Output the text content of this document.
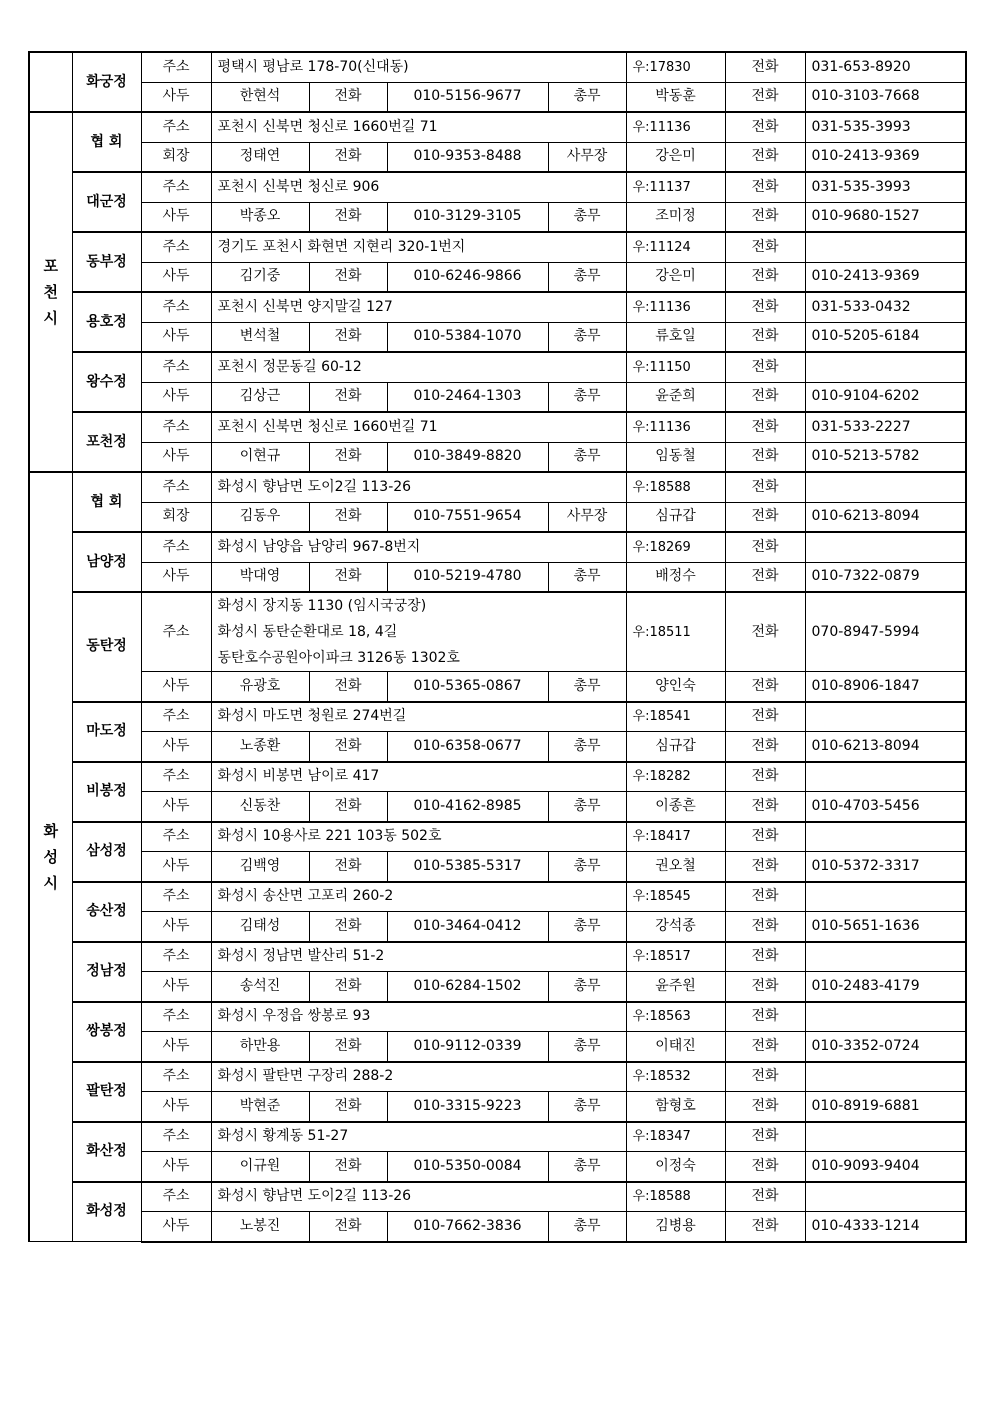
	화궁정	주소	평택시 평남로 178-70(신대동)				우:17830	전화	031-653-8920
		사두	한현석	전화	010-5156-9677	총무	박동훈	전화	010-3103-7668

포
천
시	협 회	주소	포천시 신북면 청신로 1660번길 71				우:11136	전화	031-535-3993
		회장	정태연	전화	010-9353-8488	사무장	강은미	전화	010-2413-9369
	대군정	주소	포천시 신북면 청신로 906				우:11137	전화	031-535-3993
		사두	박종오	전화	010-3129-3105	총무	조미정	전화	010-9680-1527
	동부정	주소	경기도 포천시 화현면 지현리 320-1번지				우:11124	전화	
		사두	김기중	전화	010-6246-9866	총무	강은미	전화	010-2413-9369
	용호정	주소	포천시 신북면 양지말길 127				우:11136	전화	031-533-0432
		사두	변석철	전화	010-5384-1070	총무	류호일	전화	010-5205-6184
	왕수정	주소	포천시 정문동길 60-12				우:11150	전화	
		사두	김상근	전화	010-2464-1303	총무	윤준희	전화	010-9104-6202
	포천정	주소	포천시 신북면 청신로 1660번길 71				우:11136	전화	031-533-2227
		사두	이현규	전화	010-3849-8820	총무	임동철	전화	010-5213-5782

화
성
시	협 회	주소	화성시 향남면 도이2길 113-26				우:18588	전화	
		회장	김동우	전화	010-7551-9654	사무장	심규갑	전화	010-6213-8094
	남양정	주소	화성시 남양읍 남양리 967-8번지				우:18269	전화	
		사두	박대영	전화	010-5219-4780	총무	배정수	전화	010-7322-0879
	동탄정	주소	화성시 장지동 1130 (임시국궁장)
화성시 동탄순환대로 18, 4길
동탄호수공원아이파크 3126동 1302호				우:18511	전화	070-8947-5994
		사두	유광호	전화	010-5365-0867	총무	양인숙	전화	010-8906-1847
	마도정	주소	화성시 마도면 청원로 274번길				우:18541	전화	
		사두	노종환	전화	010-6358-0677	총무	심규갑	전화	010-6213-8094
	비봉정	주소	화성시 비봉면 남이로 417				우:18282	전화	
		사두	신동찬	전화	010-4162-8985	총무	이종흔	전화	010-4703-5456
	삼성정	주소	화성시 10용사로 221 103동 502호				우:18417	전화	
		사두	김백영	전화	010-5385-5317	총무	권오철	전화	010-5372-3317
	송산정	주소	화성시 송산면 고포리 260-2				우:18545	전화	
		사두	김태성	전화	010-3464-0412	총무	강석종	전화	010-5651-1636
	정남정	주소	화성시 정남면 발산리 51-2				우:18517	전화	
		사두	송석진	전화	010-6284-1502	총무	윤주원	전화	010-2483-4179
	쌍봉정	주소	화성시 우정읍 쌍봉로 93				우:18563	전화	
		사두	하만용	전화	010-9112-0339	총무	이태진	전화	010-3352-0724
	팔탄정	주소	화성시 팔탄면 구장리 288-2				우:18532	전화	
		사두	박현준	전화	010-3315-9223	총무	함형호	전화	010-8919-6881
	화산정	주소	화성시 황계동 51-27				우:18347	전화	
		사두	이규원	전화	010-5350-0084	총무	이정숙	전화	010-9093-9404
	화성정	주소	화성시 향남면 도이2길 113-26				우:18588	전화	
		사두	노봉진	전화	010-7662-3836	총무	김병용	전화	010-4333-1214
